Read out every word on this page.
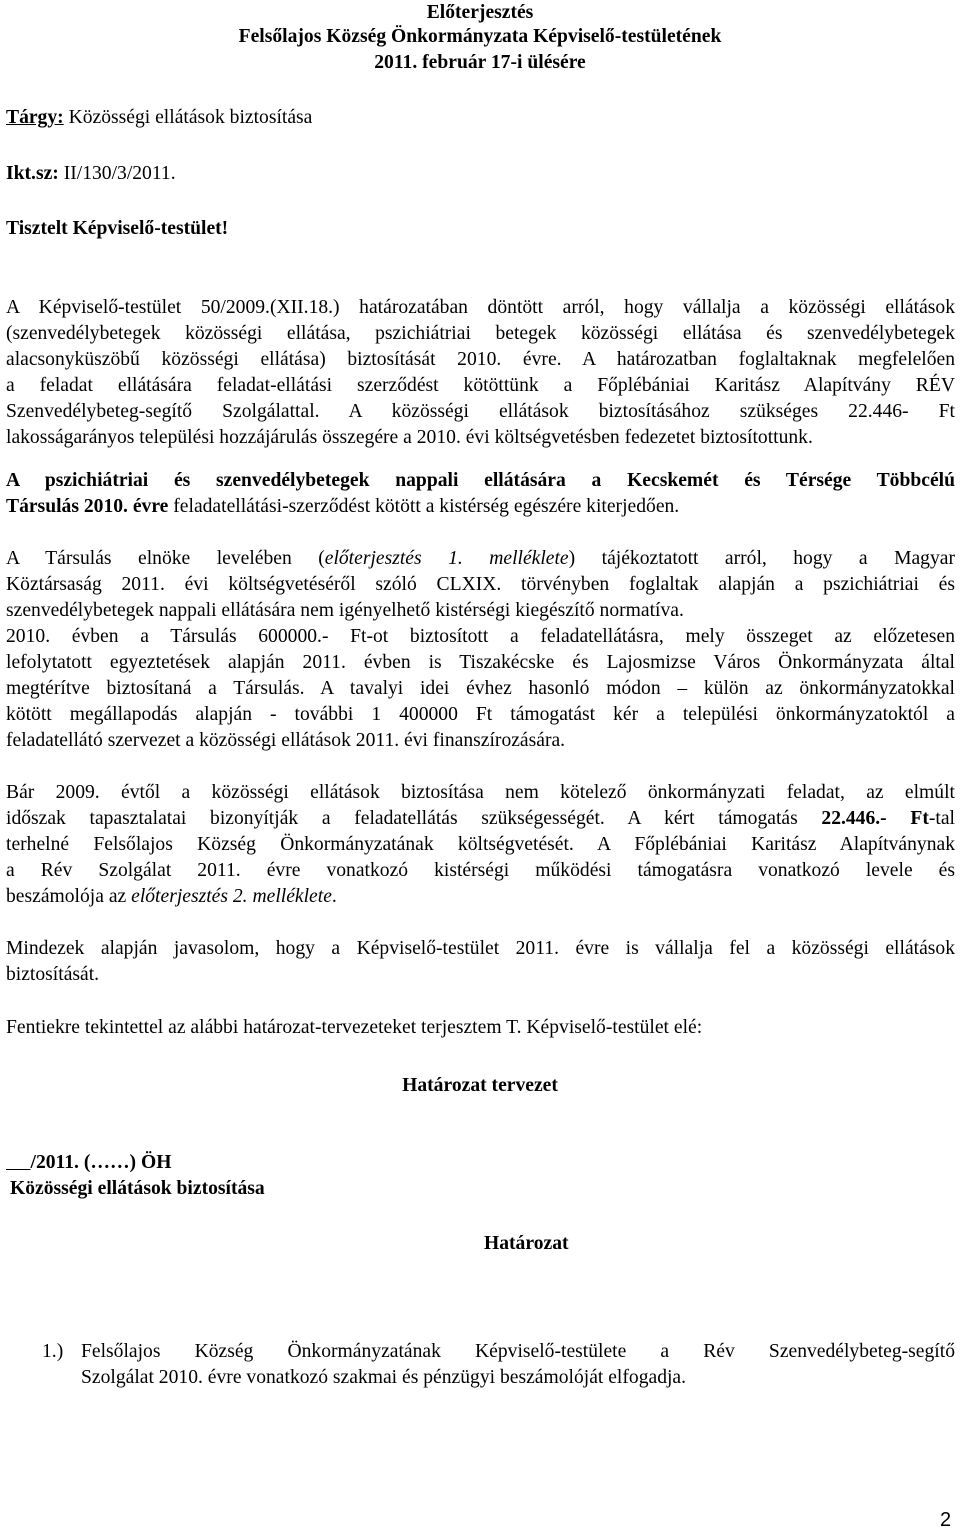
Előterjesztés
Felsőlajos Község Önkormányzata Képviselő-testületének
2011. február 17-i ülésére
Tárgy: Közösségi ellátások biztosítása
Ikt.sz: II/130/3/2011.
Tisztelt Képviselő-testület!
A Képviselő-testület 50/2009.(XII.18.) határozatában döntött arról, hogy vállalja a közösségi ellátások
(szenvedélybetegek közösségi ellátása, pszichiátriai betegek közösségi ellátása és szenvedélybetegek
alacsonyküszöbű közösségi ellátása) biztosítását 2010. évre. A határozatban foglaltaknak megfelelően
a feladat ellátására feladat-ellátási szerződést kötöttünk a Főplébániai Karitász Alapítvány RÉV
Szenvedélybeteg-segítő Szolgálattal. A közösségi ellátások biztosításához szükséges 22.446- Ft
lakosságarányos települési hozzájárulás összegére a 2010. évi költségvetésben fedezetet biztosítottunk.
A pszichiátriai és szenvedélybetegek nappali ellátására a Kecskemét és Térsége Többcélú
Társulás 2010. évre feladatellátási-szerződést kötött a kistérség egészére kiterjedően.
A Társulás elnöke levelében (előterjesztés 1. melléklete) tájékoztatott arról, hogy a Magyar
Köztársaság 2011. évi költségvetéséről szóló CLXIX. törvényben foglaltak alapján a pszichiátriai és
szenvedélybetegek nappali ellátására nem igényelhető kistérségi kiegészítő normatíva.
2010. évben a Társulás 600000.- Ft-ot biztosított a feladatellátásra, mely összeget az előzetesen
lefolytatott egyeztetések alapján 2011. évben is Tiszakécske és Lajosmizse Város Önkormányzata által
megtérítve biztosítaná a Társulás. A tavalyi idei évhez hasonló módon – külön az önkormányzatokkal
kötött megállapodás alapján - további 1 400000 Ft támogatást kér a települési önkormányzatoktól a
feladatellátó szervezet a közösségi ellátások 2011. évi finanszírozására.
Bár 2009. évtől a közösségi ellátások biztosítása nem kötelező önkormányzati feladat, az elmúlt
időszak tapasztalatai bizonyítják a feladatellátás szükségességét. A kért támogatás 22.446.- Ft-tal
terhelné Felsőlajos Község Önkormányzatának költségvetését. A Főplébániai Karitász Alapítványnak
a Rév Szolgálat 2011. évre vonatkozó kistérségi működési támogatásra vonatkozó levele és
beszámolója az előterjesztés 2. melléklete.
Mindezek alapján javasolom, hogy a Képviselő-testület 2011. évre is vállalja fel a közösségi ellátások
biztosítását.
Fentiekre tekintettel az alábbi határozat-tervezeteket terjesztem T. Képviselő-testület elé:
Határozat tervezet
/2011. (……) ÖH
Közösségi ellátások biztosítása
Határozat
1.) Felsőlajos Község Önkormányzatának Képviselő-testülete a Rév Szenvedélybeteg-segítő
Szolgálat 2010. évre vonatkozó szakmai és pénzügyi beszámolóját elfogadja.
2
